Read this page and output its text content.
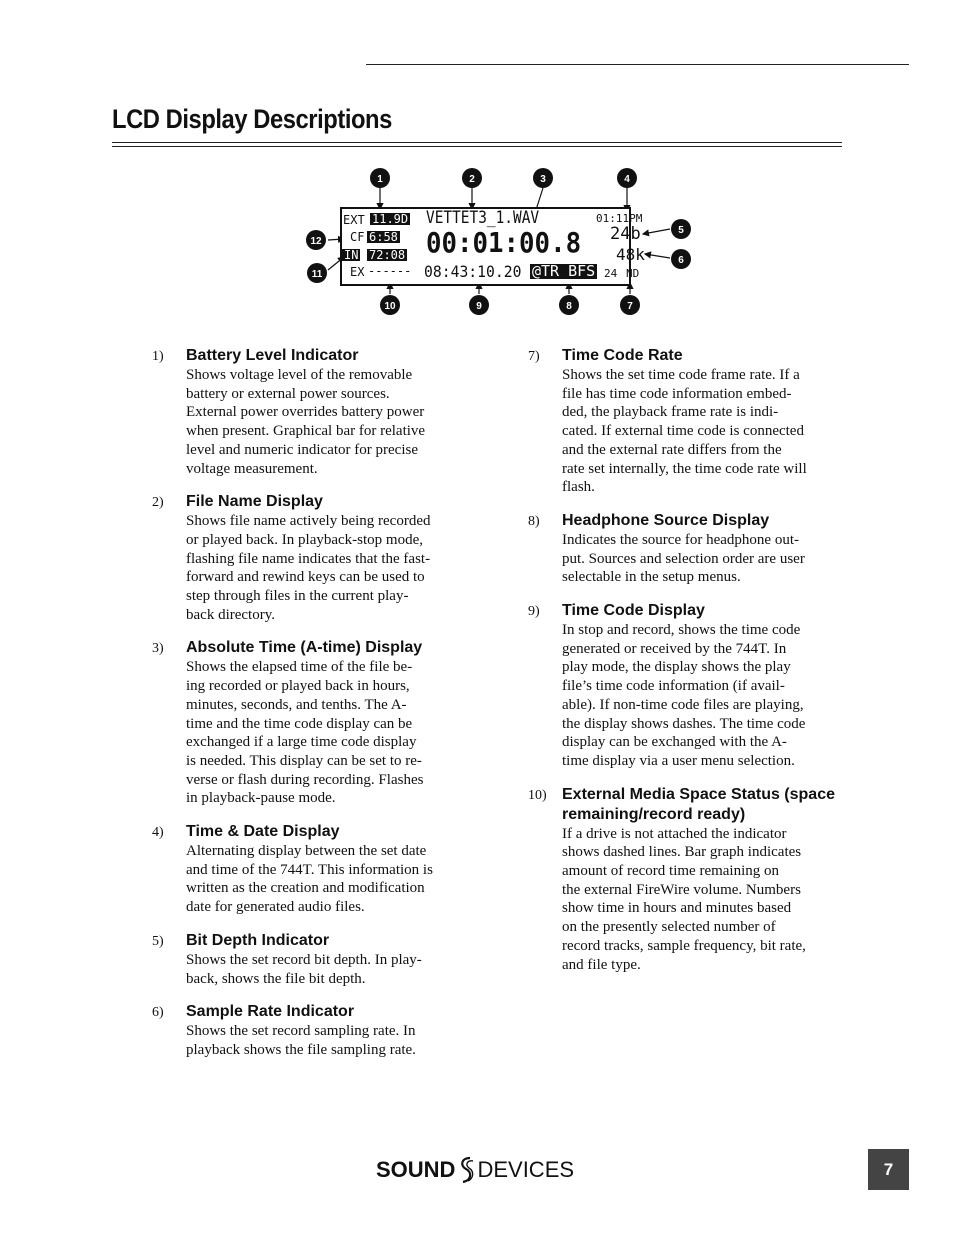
LCD Display Descriptions
1	2	3	4
5
6
7
8
9
10
11
12
EXT 11.9D VETTET3_1.WAV	01:11PM
CF 6:58 00:01:00.8 24b
IN 72:08	48k
EX ------ 08:43:10.20 @TR BFS 24 ND
1) Battery Level Indicator
Shows voltage level of the removable
battery or external power sources.
External power overrides battery power
when present. Graphical bar for relative
level and numeric indicator for precise
voltage measurement.
2) File Name Display
Shows file name actively being recorded
or played back. In playback-stop mode,
flashing file name indicates that the fast-
forward and rewind keys can be used to
step through files in the current play-
back directory.
3) Absolute Time (A-time) Display
Shows the elapsed time of the file be-
ing recorded or played back in hours,
minutes, seconds, and tenths. The A-
time and the time code display can be
exchanged if a large time code display
is needed. This display can be set to re-
verse or flash during recording. Flashes
in playback-pause mode.
4) Time & Date Display
Alternating display between the set date
and time of the 744T. This information is
written as the creation and modification
date for generated audio files.
5) Bit Depth Indicator
Shows the set record bit depth. In play-
back, shows the file bit depth.
6) Sample Rate Indicator
Shows the set record sampling rate. In
playback shows the file sampling rate.
7) Time Code Rate
Shows the set time code frame rate. If a
file has time code information embed-
ded, the playback frame rate is indi-
cated. If external time code is connected
and the external rate differs from the
rate set internally, the time code rate will
flash.
8) Headphone Source Display
Indicates the source for headphone out-
put. Sources and selection order are user
selectable in the setup menus.
9) Time Code Display
In stop and record, shows the time code
generated or received by the 744T. In
play mode, the display shows the play
file’s time code information (if avail-
able). If non-time code files are playing,
the display shows dashes. The time code
display can be exchanged with the A-
time display via a user menu selection.
10) External Media Space Status (space remaining/record ready)
If a drive is not attached the indicator
shows dashed lines. Bar graph indicates
amount of record time remaining on
the external FireWire volume. Numbers
show time in hours and minutes based
on the presently selected number of
record tracks, sample frequency, bit rate,
and file type.
SOUND DEVICES	7
